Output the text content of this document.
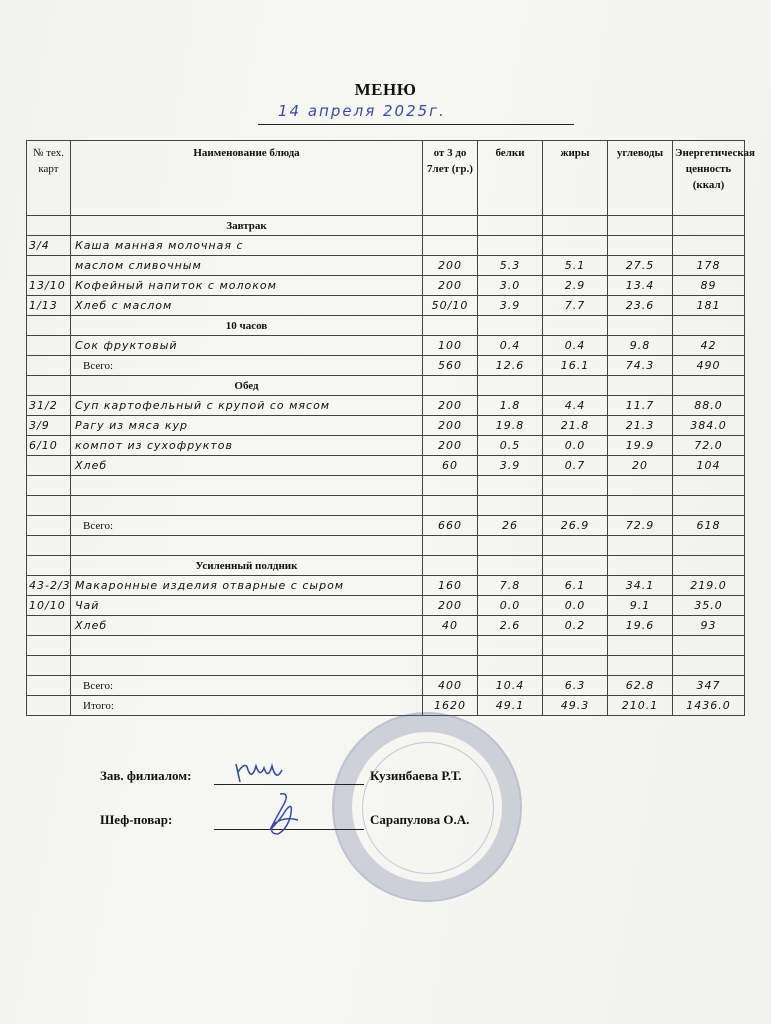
МЕНЮ
14 апреля 2025г.
№ тех. карт	Наименование блюда	от 3 до 7лет (гр.)	белки	жиры	углеводы	Энергетическая ценность (ккал)
	Завтрак					
3/4	Каша манная молочная с					
	маслом сливочным	200	5.3	5.1	27.5	178
13/10	Кофейный напиток с молоком	200	3.0	2.9	13.4	89
1/13	Хлеб с маслом	50/10	3.9	7.7	23.6	181
	10 часов					
	Сок фруктовый	100	0.4	0.4	9.8	42
	Всего:	560	12.6	16.1	74.3	490
	Обед					
31/2	Суп картофельный с крупой со мясом	200	1.8	4.4	11.7	88.0
3/9	Рагу из мяса кур	200	19.8	21.8	21.3	384.0
6/10	компот из сухофруктов	200	0.5	0.0	19.9	72.0
	Хлеб	60	3.9	0.7	20	104

	Всего:	660	26	26.9	72.9	618

	Усиленный полдник					
43-2/3	Макаронные изделия отварные с сыром	160	7.8	6.1	34.1	219.0
10/10	Чай	200	0.0	0.0	9.1	35.0
	Хлеб	40	2.6	0.2	19.6	93

	Всего:	400	10.4	6.3	62.8	347
	Итого:	1620	49.1	49.3	210.1	1436.0
Зав. филиалом:	Кузинбаева Р.Т.
Шеф-повар:	Сарапулова О.А.
